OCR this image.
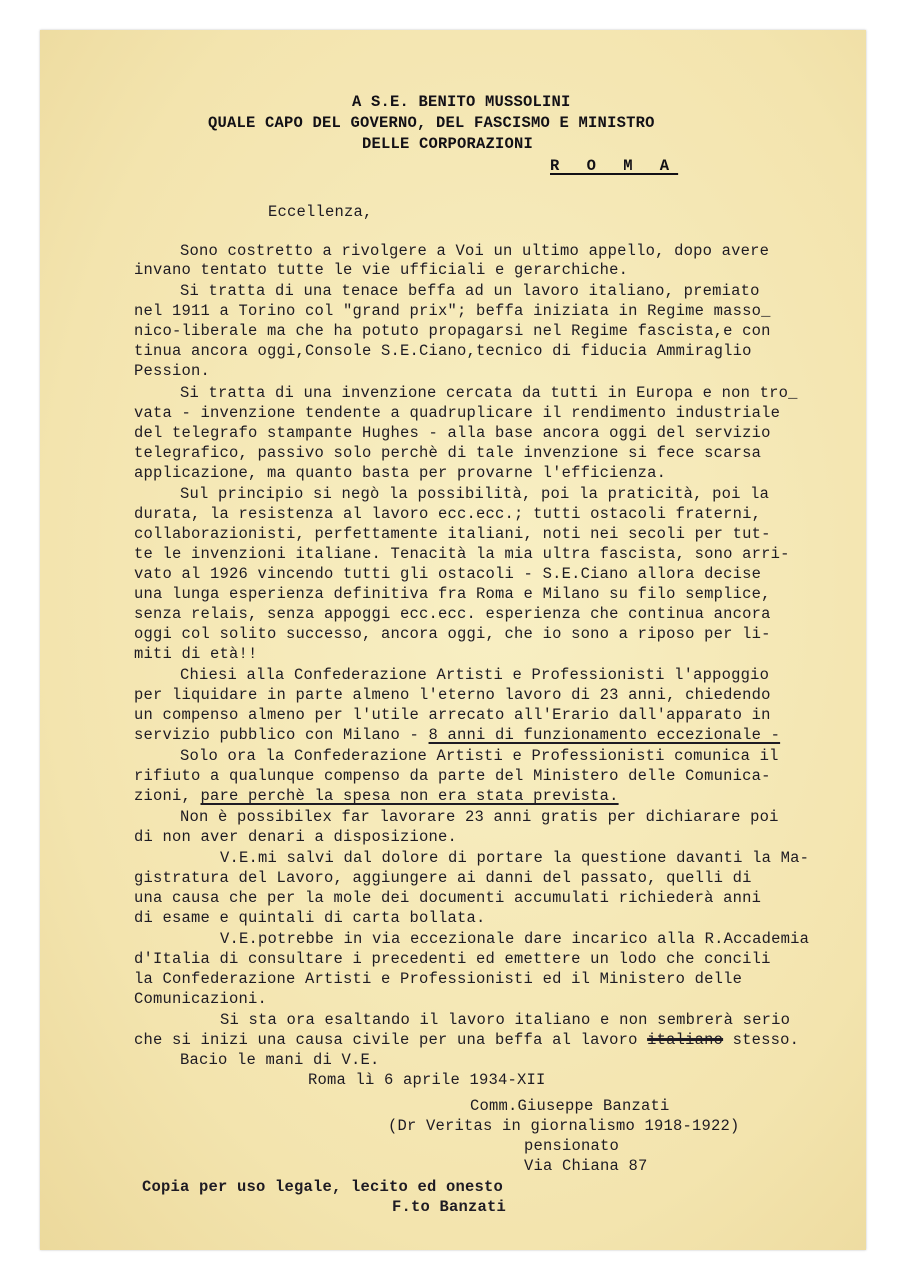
A S.E. BENITO MUSSOLINI
QUALE CAPO DEL GOVERNO, DEL FASCISMO E MINISTRO
DELLE CORPORAZIONI
R O M A
Eccellenza,
Sono costretto a rivolgere a Voi un ultimo appello, dopo avere
invano tentato tutte le vie ufficiali e gerarchiche.
Si tratta di una tenace beffa ad un lavoro italiano, premiato
nel 1911 a Torino col "grand prix"; beffa iniziata in Regime masso_
nico-liberale ma che ha potuto propagarsi nel Regime fascista,e con
tinua ancora oggi,Console S.E.Ciano,tecnico di fiducia Ammiraglio
Pession.
Si tratta di una invenzione cercata da tutti in Europa e non tro_
vata - invenzione tendente a quadruplicare il rendimento industriale
del telegrafo stampante Hughes - alla base ancora oggi del servizio
telegrafico, passivo solo perchè di tale invenzione si fece scarsa
applicazione, ma quanto basta per provarne l'efficienza.
Sul principio si negò la possibilità, poi la praticità, poi la
durata, la resistenza al lavoro ecc.ecc.; tutti ostacoli fraterni,
collaborazionisti, perfettamente italiani, noti nei secoli per tut-
te le invenzioni italiane. Tenacità la mia ultra fascista, sono arri-
vato al 1926 vincendo tutti gli ostacoli - S.E.Ciano allora decise
una lunga esperienza definitiva fra Roma e Milano su filo semplice,
senza relais, senza appoggi ecc.ecc. esperienza che continua ancora
oggi col solito successo, ancora oggi, che io sono a riposo per li-
miti di età!!
Chiesi alla Confederazione Artisti e Professionisti l'appoggio
per liquidare in parte almeno l'eterno lavoro di 23 anni, chiedendo
un compenso almeno per l'utile arrecato all'Erario dall'apparato in
servizio pubblico con Milano - 8 anni di funzionamento eccezionale -
Solo ora la Confederazione Artisti e Professionisti comunica il
rifiuto a qualunque compenso da parte del Ministero delle Comunica-
zioni, pare perchè la spesa non era stata prevista.
Non è possibilex far lavorare 23 anni gratis per dichiarare poi
di non aver denari a disposizione.
V.E.mi salvi dal dolore di portare la questione davanti la Ma-
gistratura del Lavoro, aggiungere ai danni del passato, quelli di
una causa che per la mole dei documenti accumulati richiederà anni
di esame e quintali di carta bollata.
V.E.potrebbe in via eccezionale dare incarico alla R.Accademia
d'Italia di consultare i precedenti ed emettere un lodo che concili
la Confederazione Artisti e Professionisti ed il Ministero delle
Comunicazioni.
Si sta ora esaltando il lavoro italiano e non sembrerà serio
che si inizi una causa civile per una beffa al lavoro italiano stesso.
Bacio le mani di V.E.
Roma lì 6 aprile 1934-XII
Comm.Giuseppe Banzati
(Dr Veritas in giornalismo 1918-1922)
pensionato
Via Chiana 87
Copia per uso legale, lecito ed onesto
F.to Banzati
